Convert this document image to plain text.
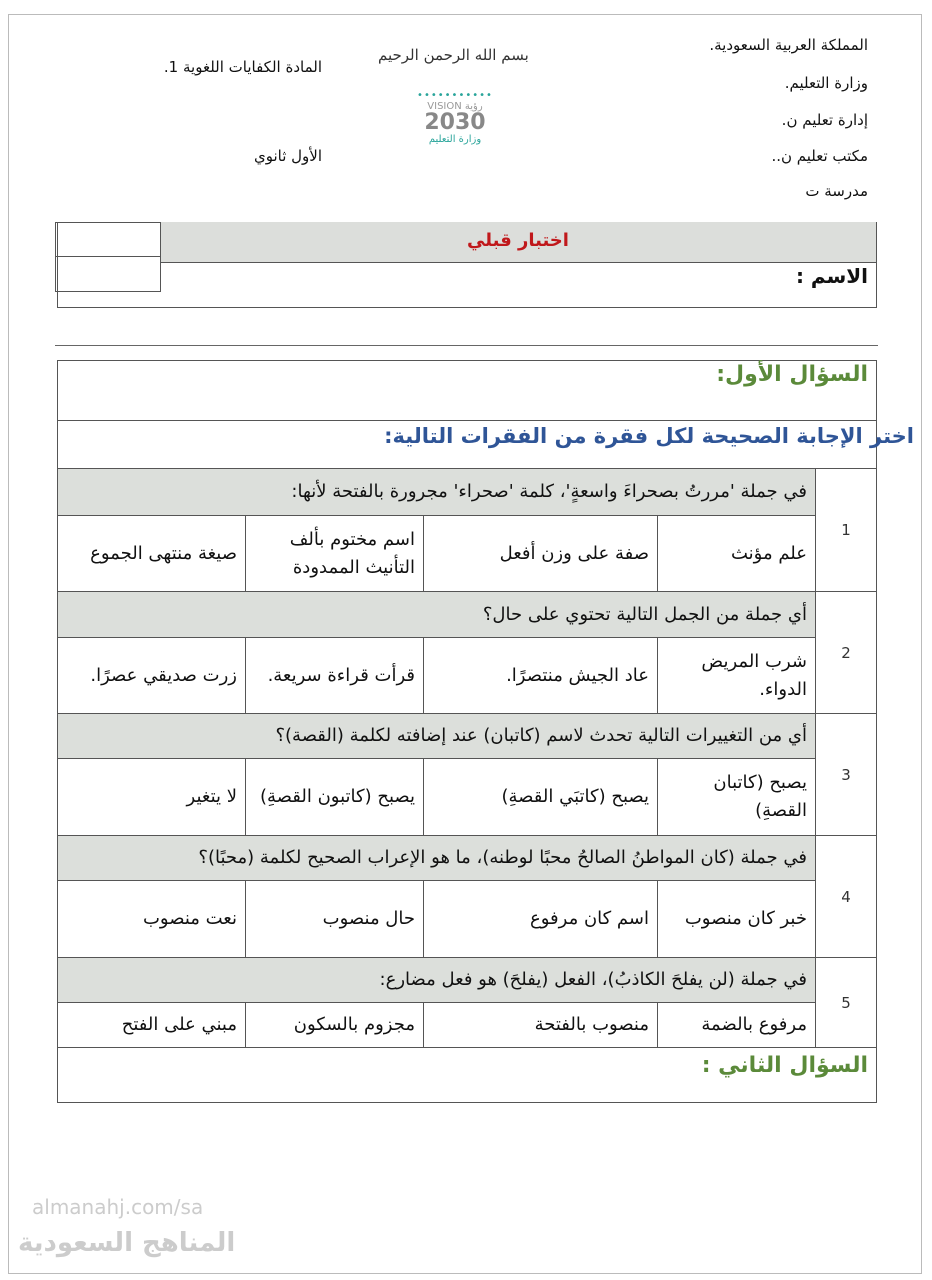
المملكة العربية السعودية.
وزارة التعليم.
إدارة تعليم ن.
مكتب تعليم ن..
مدرسة ت
المادة الكفايات اللغوية 1.
الأول ثانوي
بسم الله الرحمن الرحيم
•••••••••••
VISION رؤية
2030
وزارة التعليم
اختبار قبلي
الاسم :
السؤال الأول:
اختر الإجابة الصحيحة لكل فقرة من الفقرات التالية:
1
في جملة 'مررتُ بصحراءَ واسعةٍ'، كلمة 'صحراء' مجرورة بالفتحة لأنها:
علم مؤنث
صفة على وزن أفعل
اسم مختوم بألف التأنيث الممدودة
صيغة منتهى الجموع
2
أي جملة من الجمل التالية تحتوي على حال؟
شرب المريض الدواء.
عاد الجيش منتصرًا.
قرأت قراءة سريعة.
زرت صديقي عصرًا.
3
أي من التغييرات التالية تحدث لاسم (كاتبان) عند إضافته لكلمة (القصة)؟
يصبح (كاتبان القصةِ)
يصبح (كاتبَي القصةِ)
يصبح (كاتبون القصةِ)
لا يتغير
4
في جملة (كان المواطنُ الصالحُ محبًا لوطنه)، ما هو الإعراب الصحيح لكلمة (محبًا)؟
خبر كان منصوب
اسم كان مرفوع
حال منصوب
نعت منصوب
5
في جملة (لن يفلحَ الكاذبُ)، الفعل (يفلحَ) هو فعل مضارع:
مرفوع بالضمة
منصوب بالفتحة
مجزوم بالسكون
مبني على الفتح
السؤال الثاني :
almanahj.com/sa
المناهج السعودية
